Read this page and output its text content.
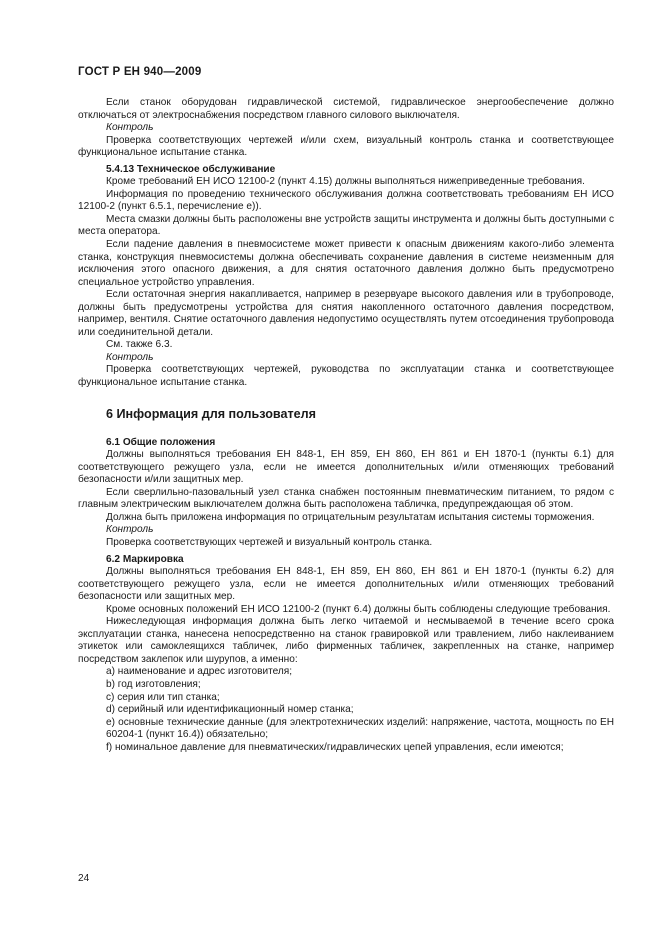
ГОСТ Р ЕН 940—2009

Если станок оборудован гидравлической системой, гидравлическое энергообеспечение должно отключаться от электроснабжения посредством главного силового выключателя.

Контроль

Проверка соответствующих чертежей и/или схем, визуальный контроль станка и соответствующее функциональное испытание станка.

5.4.13 Техническое обслуживание

Кроме требований ЕН ИСО 12100-2 (пункт 4.15) должны выполняться нижеприведенные требования.

Информация по проведению технического обслуживания должна соответствовать требованиям ЕН ИСО 12100-2 (пункт 6.5.1, перечисление е)).

Места смазки должны быть расположены вне устройств защиты инструмента и должны быть доступными с места оператора.

Если падение давления в пневмосистеме может привести к опасным движениям какого-либо элемента станка, конструкция пневмосистемы должна обеспечивать сохранение давления в системе неизменным для исключения этого опасного движения, а для снятия остаточного давления должно быть предусмотрено специальное устройство управления.

Если остаточная энергия накапливается, например в резервуаре высокого давления или в трубопроводе, должны быть предусмотрены устройства для снятия накопленного остаточного давления посредством, например, вентиля. Снятие остаточного давления недопустимо осуществлять путем отсоединения трубопровода или соединительной детали.

См. также 6.3.

Контроль

Проверка соответствующих чертежей, руководства по эксплуатации станка и соответствующее функциональное испытание станка.

6 Информация для пользователя

6.1 Общие положения

Должны выполняться требования ЕН 848-1, ЕН 859, ЕН 860, ЕН 861 и ЕН 1870-1 (пункты 6.1) для соответствующего режущего узла, если не имеется дополнительных и/или отменяющих требований безопасности и/или защитных мер.

Если сверлильно-пазовальный узел станка снабжен постоянным пневматическим питанием, то рядом с главным электрическим выключателем должна быть расположена табличка, предупреждающая об этом.

Должна быть приложена информация по отрицательным результатам испытания системы торможения.

Контроль

Проверка соответствующих чертежей и визуальный контроль станка.

6.2 Маркировка

Должны выполняться требования ЕН 848-1, ЕН 859, ЕН 860, ЕН 861 и ЕН 1870-1 (пункты 6.2) для соответствующего режущего узла, если не имеется дополнительных и/или отменяющих требований безопасности или защитных мер.

Кроме основных положений ЕН ИСО 12100-2 (пункт 6.4) должны быть соблюдены следующие требования.

Нижеследующая информация должна быть легко читаемой и несмываемой в течение всего срока эксплуатации станка, нанесена непосредственно на станок гравировкой или травлением, либо наклеиванием этикеток или самоклеящихся табличек, либо фирменных табличек, закрепленных на станке, например посредством заклепок или шурупов, а именно:

a) наименование и адрес изготовителя;

b) год изготовления;

c) серия или тип станка;

d) серийный или идентификационный номер станка;

e) основные технические данные (для электротехнических изделий: напряжение, частота, мощность по ЕН 60204-1 (пункт 16.4)) обязательно;

f) номинальное давление для пневматических/гидравлических цепей управления, если имеются;

24
